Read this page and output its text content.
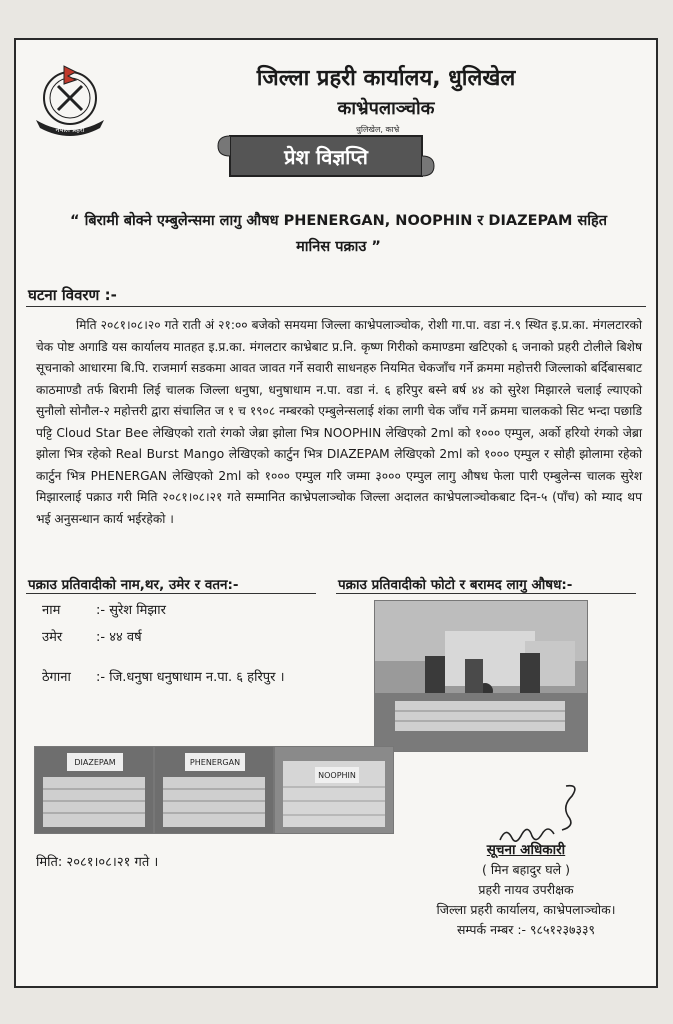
नेपाल प्रहरी
जिल्ला प्रहरी कार्यालय, धुलिखेल
काभ्रेपलाञ्चोक
धुलिखेल, काभ्रे
प्रेश विज्ञप्ति
“ बिरामी बोक्ने एम्बुलेन्समा लागु औषध PHENERGAN, NOOPHIN र DIAZEPAM सहित
मानिस पक्राउ ”
घटना विवरण :-

मिति २०८१।०८।२० गते राती अं २१:०० बजेको समयमा जिल्ला काभ्रेपलाञ्चोक, रोशी गा.पा. वडा नं.९ स्थित इ.प्र.का. मंगलटारको चेक पोष्ट अगाडि यस कार्यालय मातहत इ.प्र.का. मंगलटार काभ्रेबाट प्र.नि. कृष्ण गिरीको कमाण्डमा खटिएको ६ जनाको प्रहरी टोलीले बिशेष सूचनाको आधारमा बि.पि. राजमार्ग सडकमा आवत जावत गर्ने सवारी साधनहरु नियमित चेकजाँच गर्ने क्रममा महोत्तरी जिल्लाको बर्दिबासबाट काठमाण्डौ तर्फ बिरामी लिई चालक जिल्ला धनुषा, धनुषाधाम न.पा. वडा नं. ६ हरिपुर बस्ने बर्ष ४४ को सुरेश मिझारले चलाई ल्याएको सुनौलो सोनौल-२ महोत्तरी द्वारा संचालित ज १ च १९०८ नम्बरको एम्बुलेन्सलाई शंका लागी चेक जाँच गर्ने क्रममा चालकको सिट भन्दा पछाडि पट्टि Cloud Star Bee लेखिएको रातो रंगको जेब्रा झोला भित्र NOOPHIN लेखिएको 2ml को १००० एम्पुल, अर्को हरियो रंगको जेब्रा झोला भित्र रहेको Real Burst Mango लेखिएको कार्टुन भित्र DIAZEPAM लेखिएको 2ml को १००० एम्पुल र सोही झोलामा रहेको कार्टुन भित्र PHENERGAN लेखिएको 2ml को १००० एम्पुल गरि जम्मा ३००० एम्पुल लागु औषध फेला पारी एम्बुलेन्स चालक सुरेश मिझारलाई पक्राउ गरी मिति २०८१।०८।२१ गते सम्मानित काभ्रेपलाञ्चोक जिल्ला अदालत काभ्रेपलाञ्चोकबाट दिन-५ (पाँच) को म्याद थप भई अनुसन्धान कार्य भईरहेको ।

पक्राउ प्रतिवादीको नाम,थर, उमेर र वतन:-
नाम	:- सुरेश मिझार
उमेर	:- ४४ वर्ष
ठेगाना :- जि.धनुषा धनुषाधाम न.पा. ६ हरिपुर ।
पक्राउ प्रतिवादीको फोटो र बरामद लागु औषध:-
DIAZEPAM	PHENERGAN
NOOPHIN
मिति: २०८१।०८।२१ गते ।
सूचना अधिकारी
( मिन बहादुर घले )
प्रहरी नायव उपरीक्षक
जिल्ला प्रहरी कार्यालय, काभ्रेपलाञ्चोक।
सम्पर्क नम्बर :- ९८५१२३७३३९
